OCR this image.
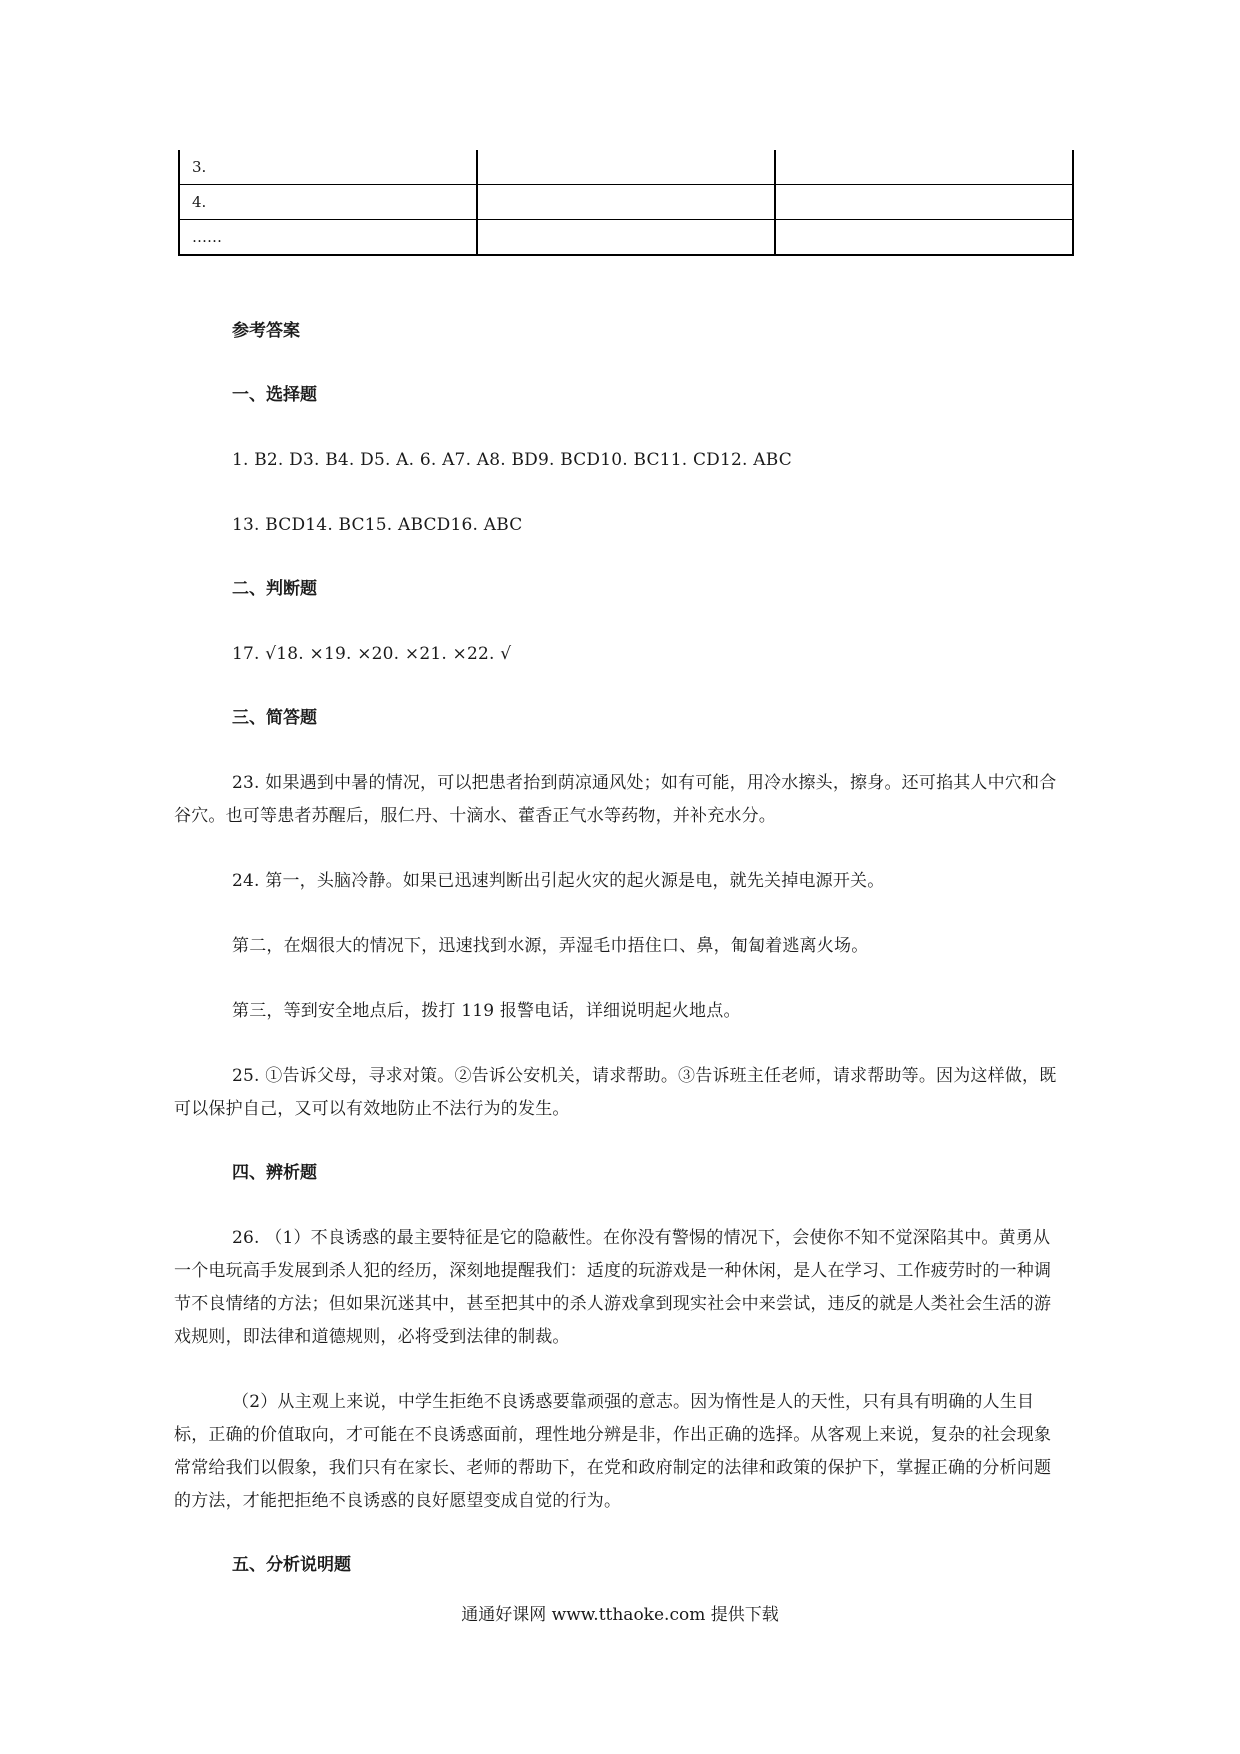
3.		
4.		
……		
参考答案
一、选择题

1. B2. D3. B4. D5. A. 6. A7. A8. BD9. BCD10. BC11. CD12. ABC

13. BCD14. BC15. ABCD16. ABC

二、判断题

17. √18. ×19. ×20. ×21. ×22. √

三、简答题

23. 如果遇到中暑的情况，可以把患者抬到荫凉通风处；如有可能，用冷水擦头，擦身。还可掐其人中穴和合谷穴。也可等患者苏醒后，服仁丹、十滴水、藿香正气水等药物，并补充水分。

24. 第一，头脑冷静。如果已迅速判断出引起火灾的起火源是电，就先关掉电源开关。

第二，在烟很大的情况下，迅速找到水源，弄湿毛巾捂住口、鼻，匍匐着逃离火场。

第三，等到安全地点后，拨打 119 报警电话，详细说明起火地点。

25. ①告诉父母，寻求对策。②告诉公安机关，请求帮助。③告诉班主任老师，请求帮助等。因为这样做，既可以保护自己，又可以有效地防止不法行为的发生。

四、辨析题

26. （1）不良诱惑的最主要特征是它的隐蔽性。在你没有警惕的情况下，会使你不知不觉深陷其中。黄勇从一个电玩高手发展到杀人犯的经历，深刻地提醒我们：适度的玩游戏是一种休闲，是人在学习、工作疲劳时的一种调节不良情绪的方法；但如果沉迷其中，甚至把其中的杀人游戏拿到现实社会中来尝试，违反的就是人类社会生活的游戏规则，即法律和道德规则，必将受到法律的制裁。

（2）从主观上来说，中学生拒绝不良诱惑要靠顽强的意志。因为惰性是人的天性，只有具有明确的人生目标，正确的价值取向，才可能在不良诱惑面前，理性地分辨是非，作出正确的选择。从客观上来说，复杂的社会现象常常给我们以假象，我们只有在家长、老师的帮助下，在党和政府制定的法律和政策的保护下，掌握正确的分析问题的方法，才能把拒绝不良诱惑的良好愿望变成自觉的行为。

五、分析说明题
通通好课网 www.tthaoke.com 提供下载
